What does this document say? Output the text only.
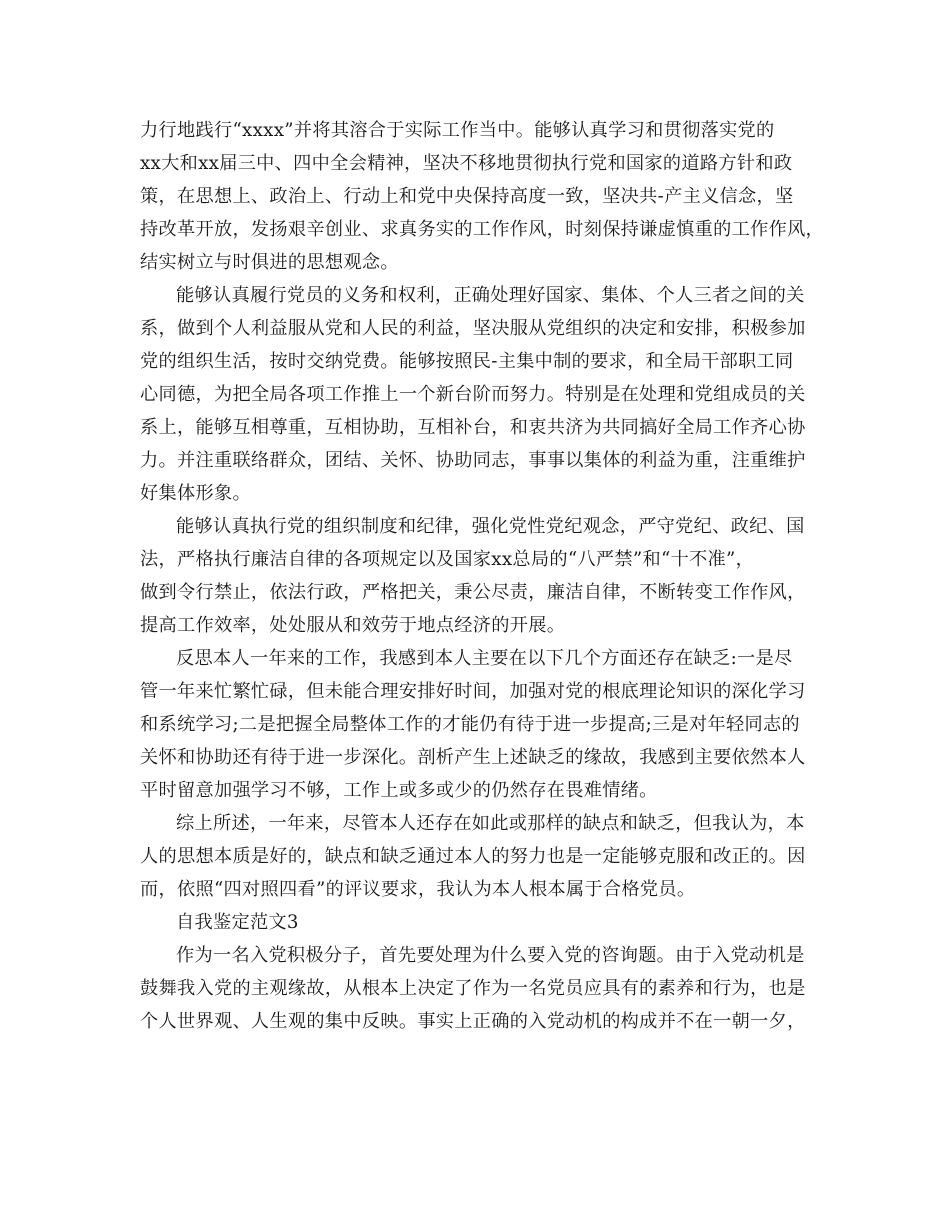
力行地践行“xxxx”并将其溶合于实际工作当中。能够认真学习和贯彻落实党的
xx大和xx届三中、四中全会精神，坚决不移地贯彻执行党和国家的道路方针和政
策，在思想上、政治上、行动上和党中央保持高度一致，坚决共-产主义信念，坚
持改革开放，发扬艰辛创业、求真务实的工作作风，时刻保持谦虚慎重的工作作风，
结实树立与时俱进的思想观念。
能够认真履行党员的义务和权利，正确处理好国家、集体、个人三者之间的关
系，做到个人利益服从党和人民的利益，坚决服从党组织的决定和安排，积极参加
党的组织生活，按时交纳党费。能够按照民-主集中制的要求，和全局干部职工同
心同德，为把全局各项工作推上一个新台阶而努力。特别是在处理和党组成员的关
系上，能够互相尊重，互相协助，互相补台，和衷共济为共同搞好全局工作齐心协
力。并注重联络群众，团结、关怀、协助同志，事事以集体的利益为重，注重维护
好集体形象。
能够认真执行党的组织制度和纪律，强化党性党纪观念，严守党纪、政纪、国
法，严格执行廉洁自律的各项规定以及国家xx总局的“八严禁”和“十不准”，
做到令行禁止，依法行政，严格把关，秉公尽责，廉洁自律，不断转变工作作风，
提高工作效率，处处服从和效劳于地点经济的开展。
反思本人一年来的工作，我感到本人主要在以下几个方面还存在缺乏:一是尽
管一年来忙繁忙碌，但未能合理安排好时间，加强对党的根底理论知识的深化学习
和系统学习;二是把握全局整体工作的才能仍有待于进一步提高;三是对年轻同志的
关怀和协助还有待于进一步深化。剖析产生上述缺乏的缘故，我感到主要依然本人
平时留意加强学习不够，工作上或多或少的仍然存在畏难情绪。
综上所述，一年来，尽管本人还存在如此或那样的缺点和缺乏，但我认为，本
人的思想本质是好的，缺点和缺乏通过本人的努力也是一定能够克服和改正的。因
而，依照“四对照四看”的评议要求，我认为本人根本属于合格党员。
自我鉴定范文3
作为一名入党积极分子，首先要处理为什么要入党的咨询题。由于入党动机是
鼓舞我入党的主观缘故，从根本上决定了作为一名党员应具有的素养和行为，也是
个人世界观、人生观的集中反映。事实上正确的入党动机的构成并不在一朝一夕，
